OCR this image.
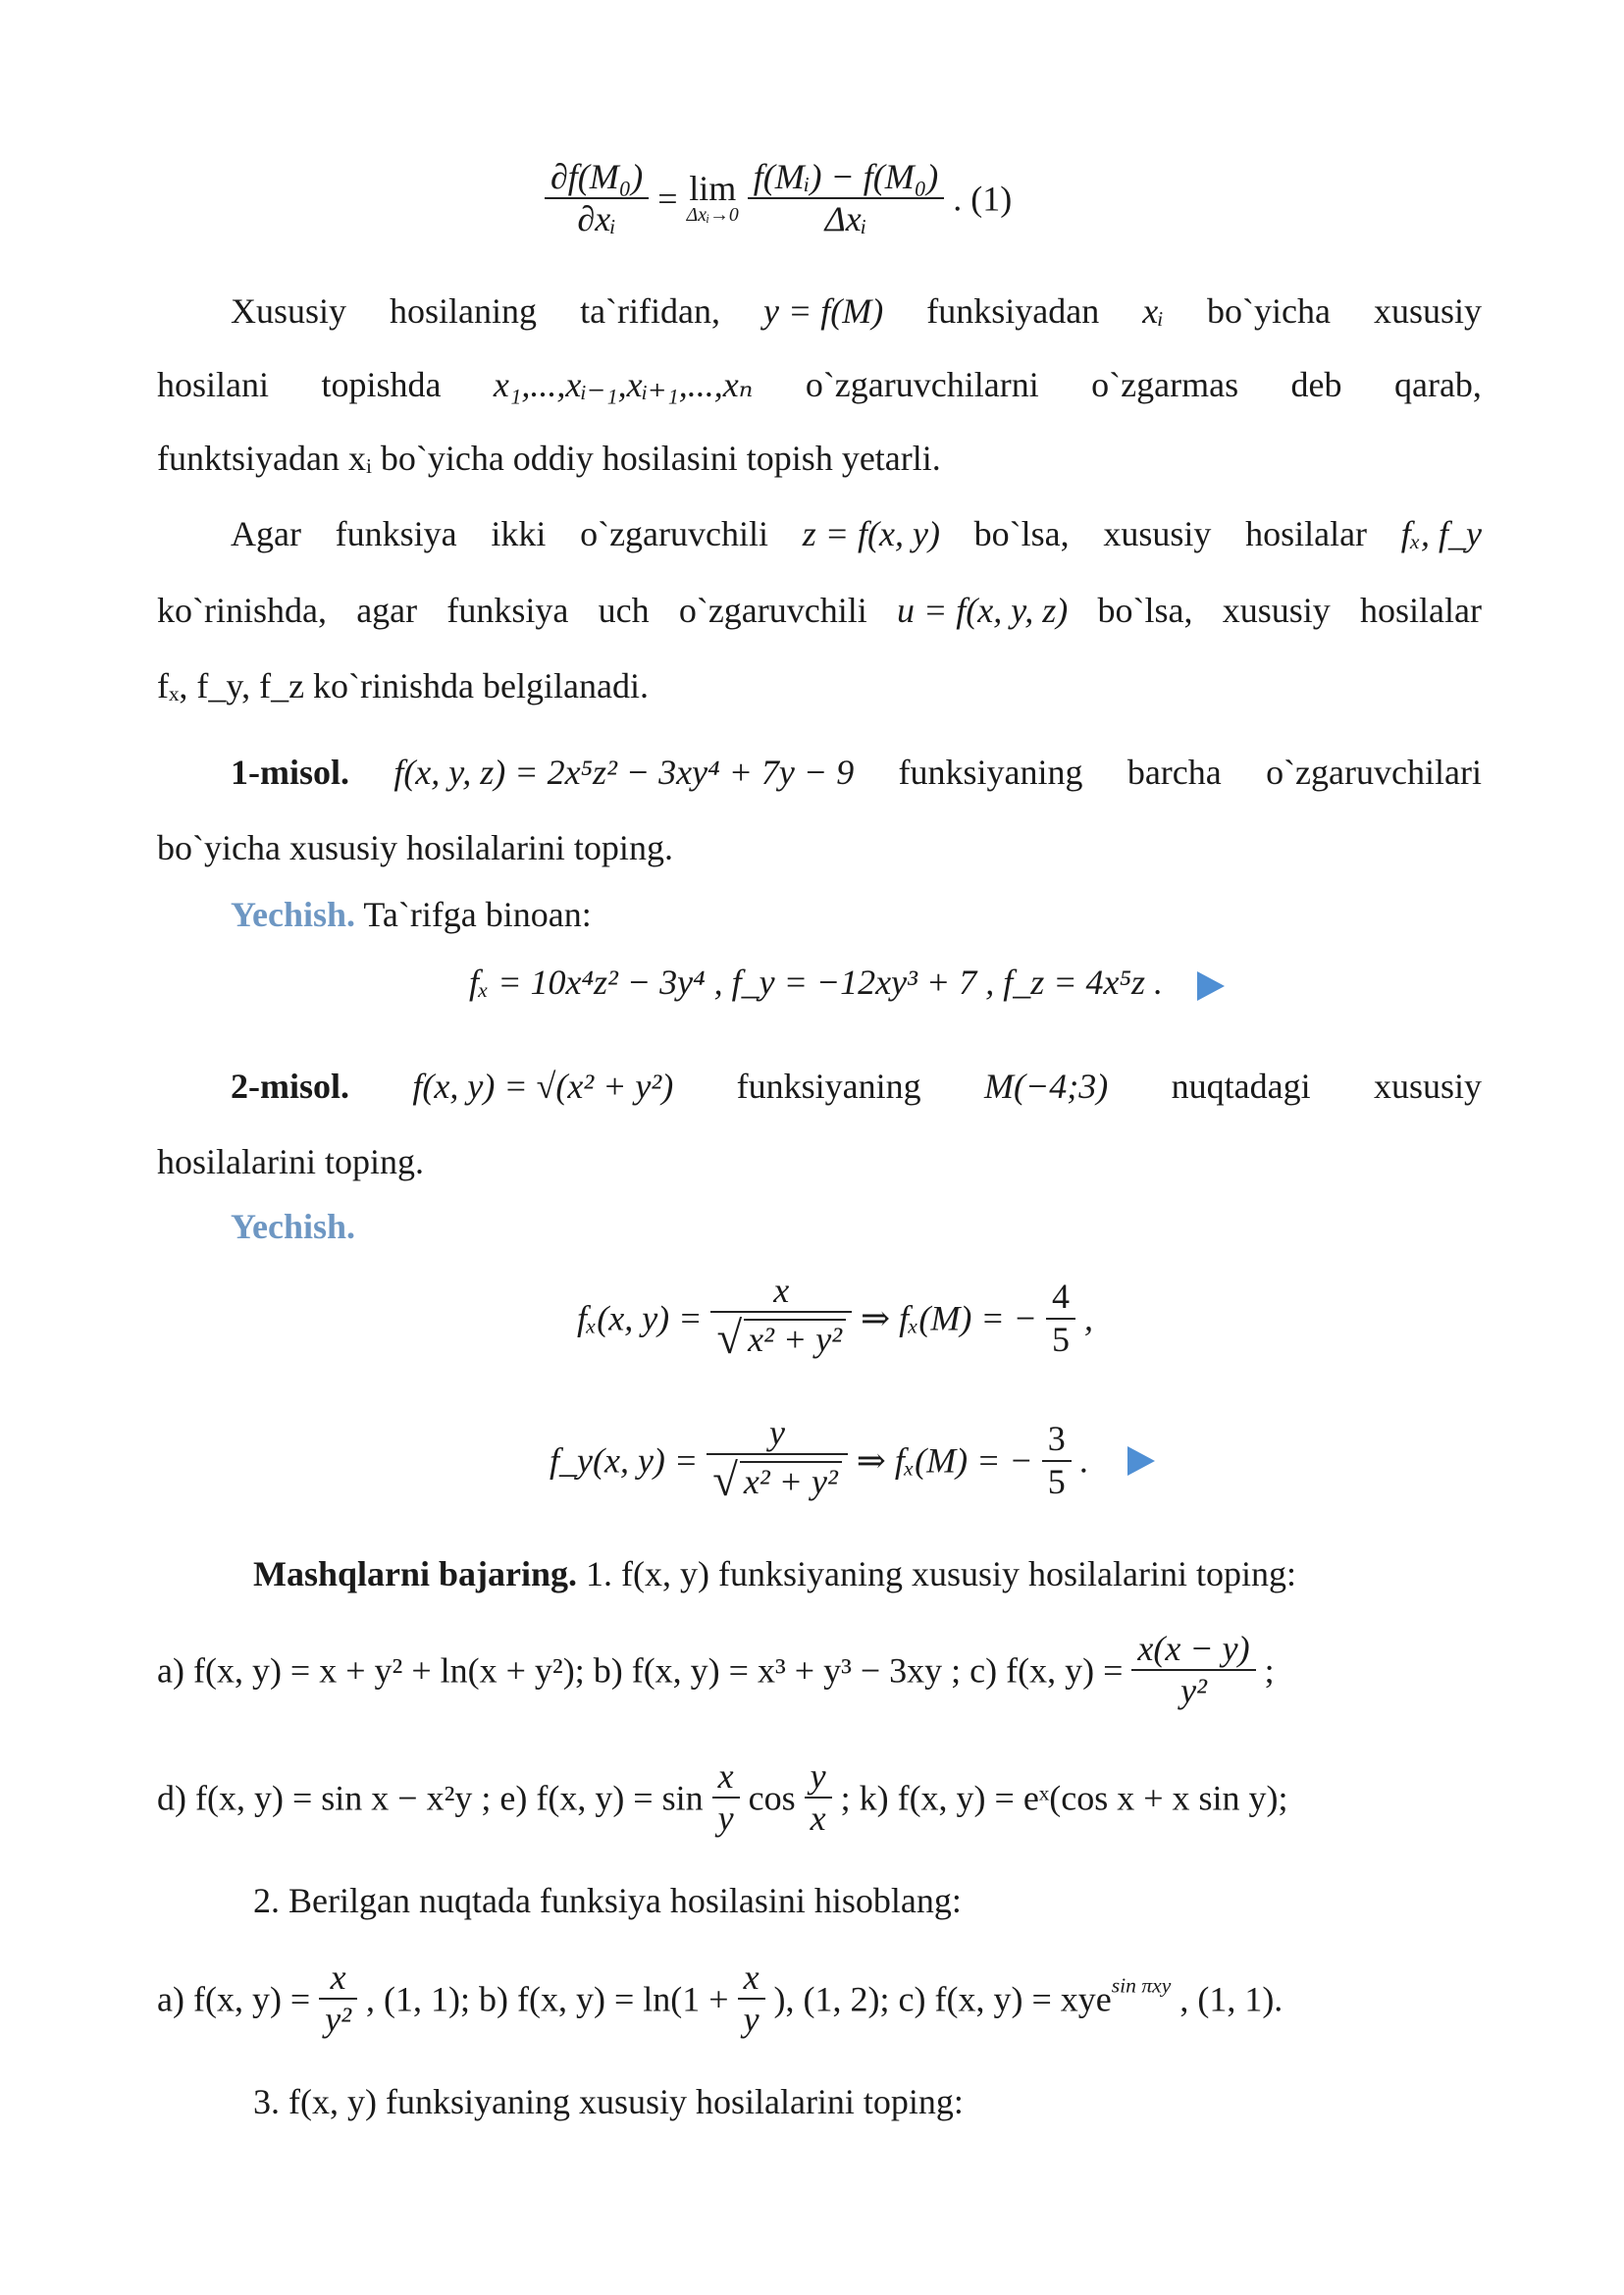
$\frac{\text{∂f(M₀)}}{\text{∂xᵢ}} = \lim$
Δxᵢ→0
$\frac{\text{f(Mᵢ) − f(M₀)}}{\text{Δxᵢ}}$ . (1)
Xususiy hosilaning ta`rifidan, y = f(M) funksiyadan xᵢ bo`yicha xususiy
hosilani topishda x₁,...,xᵢ₋₁,xᵢ₊₁,...,xₙ o`zgaruvchilarni o`zgarmas deb qarab,
funktsiyadan xᵢ bo`yicha oddiy hosilasini topish yetarli.
Agar funksiya ikki o`zgaruvchili z = f(x, y) bo`lsa, xususiy hosilalar fₓ, f_y
ko`rinishda, agar funksiya uch o`zgaruvchili u = f(x, y, z) bo`lsa, xususiy hosilalar
fₓ, f_y, f_z ko`rinishda belgilanadi.
1-misol. f(x, y, z) = 2x⁵z² − 3xy⁴ + 7y − 9 funksiyaning barcha o`zgaruvchilari
bo`yicha xususiy hosilalarini toping.
Yechish. Ta`rifga binoan:
fₓ = 10x⁴z² − 3y⁴ , f_y = −12xy³ + 7 , f_z = 4x⁵z .
2-misol. f(x, y) = √(x² + y²) funksiyaning M(−4;3) nuqtadagi xususiy
hosilalarini toping.
Yechish.
fₓ(x, $y) = \frac{x}{\text{√ x² + y²}}$ ⇒ fₓ(M) = − $\frac{4}{5}$ ,
f_y(x, $y) = \frac{y}{\text{√ x² + y²}}$ ⇒ fₓ(M) = − $\frac{3}{5}$ .
Mashqlarni bajaring. 1. f(x, y) funksiyaning xususiy hosilalarini toping:
a) f(x, y) = x + y² + ln(x + y²); b) f(x, y) = x³ + y³ − 3xy ; c) f(x, $y) = \frac{x(x - y)}{\text{y²}}$ ;
d) f(x, y) = sin x − x²y ; e) f(x, $y) = \sin \frac{x}{y}$ $\cos \frac{y}{x}$ ; k) f(x, y) = eˣ(cos x + x sin y);
2. Berilgan nuqtada funksiya hosilasini hisoblang:
a) f(x, $y) = \frac{x}{\text{y²}}$ , (1, 1); b) f(x, $y) = \ln(1 + \frac{x}{y}$ ), (1, 2); c) f(x, y) = xye$^{sin \pi xy}$ , (1, 1).
3. f(x, y) funksiyaning xususiy hosilalarini toping:
